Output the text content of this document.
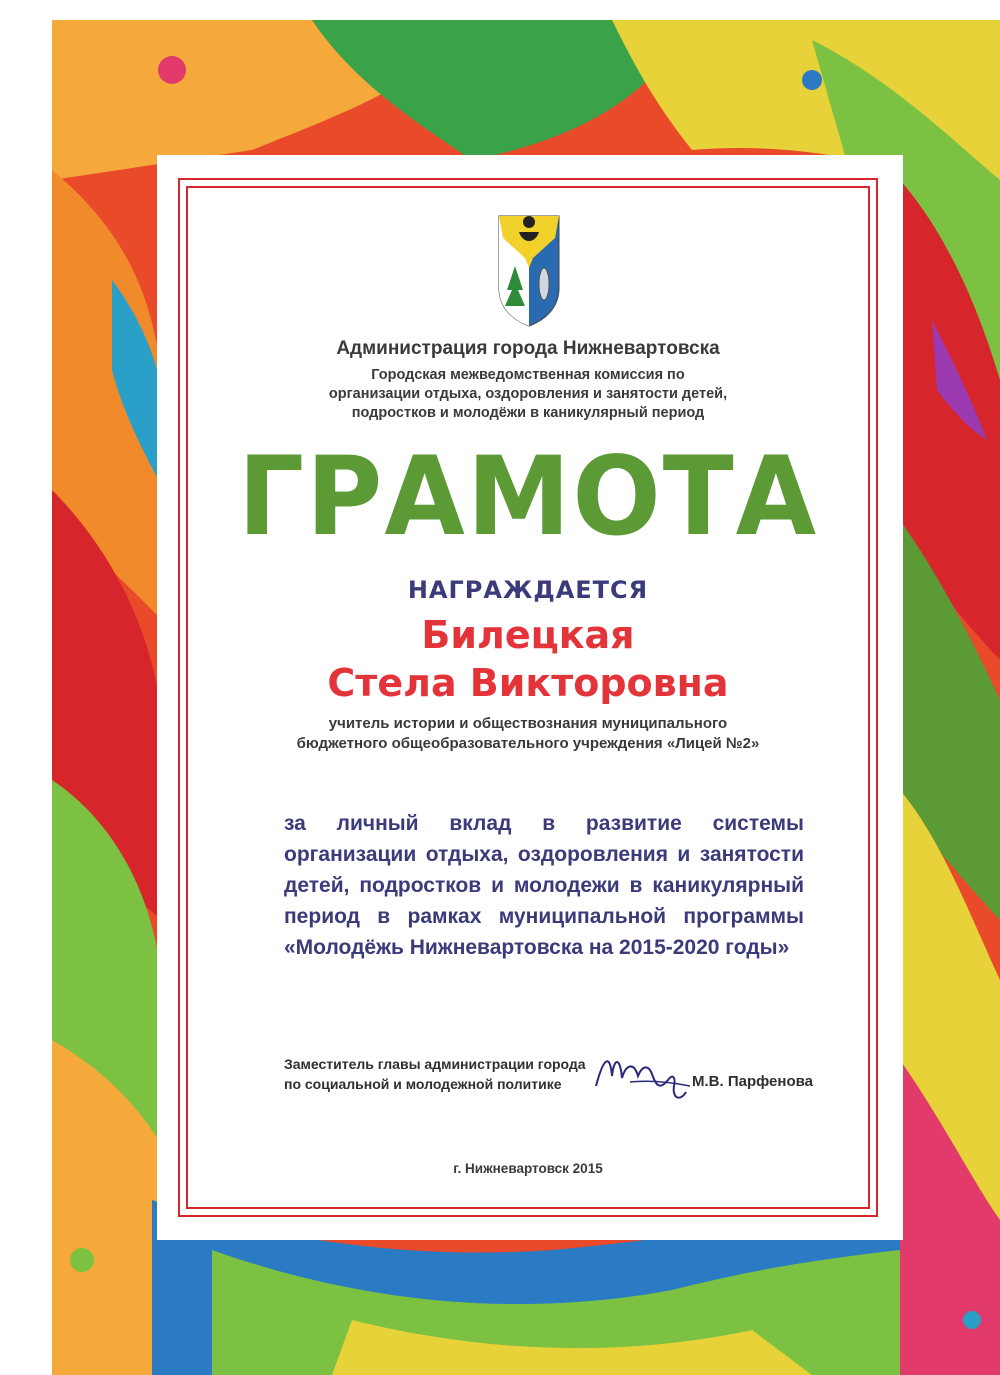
Администрация города Нижневартовска
Городская межведомственная комиссия по
организации отдыха, оздоровления и занятости детей,
подростков и молодёжи в каникулярный период
ГРАМОТА
НАГРАЖДАЕТСЯ
Билецкая
Стела Викторовна
учитель истории и обществознания муниципального
бюджетного общеобразовательного учреждения «Лицей №2»
за личный вклад в развитие системы организации отдыха, оздоровления и занятости детей, подростков и молодежи в каникулярный период в рамках муниципальной программы «Молодёжь Нижневартовска на 2015-2020 годы»
Заместитель главы администрации города
по социальной и молодежной политике	М.В. Парфенова
г. Нижневартовск 2015
